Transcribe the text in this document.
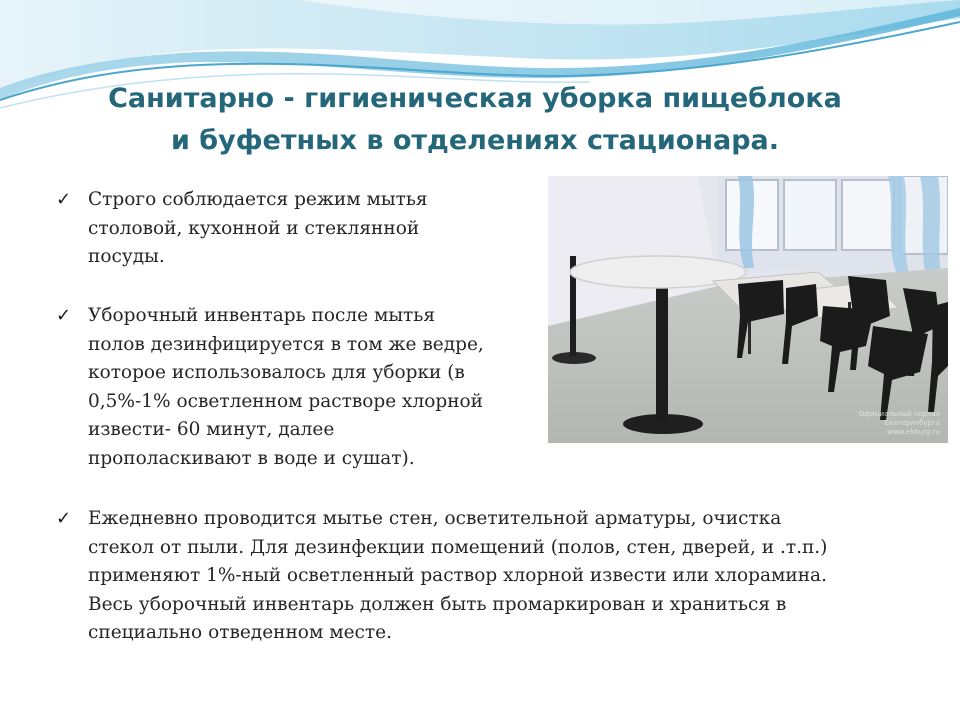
Санитарно - гигиеническая уборка пищеблока
и буфетных в отделениях стационара.
✓ Строго соблюдается режим мытья
столовой, кухонной и стеклянной
посуды.
✓ Уборочный инвентарь после мытья
полов дезинфицируется в том же ведре,
которое использовалось для уборки (в
0,5%-1% осветленном растворе хлорной
извести- 60 минут, далее
прополаскивают в воде и сушат).
✓ Ежедневно проводится мытье стен, осветительной арматуры, очистка
стекол от пыли. Для дезинфекции помещений (полов, стен, дверей, и .т.п.)
применяют 1%-ный осветленный раствор хлорной извести или хлорамина.
Весь уборочный инвентарь должен быть промаркирован и храниться в
специально отведенном месте.
Официальный портал
Екатеринбурга
www.ekburg.ru
